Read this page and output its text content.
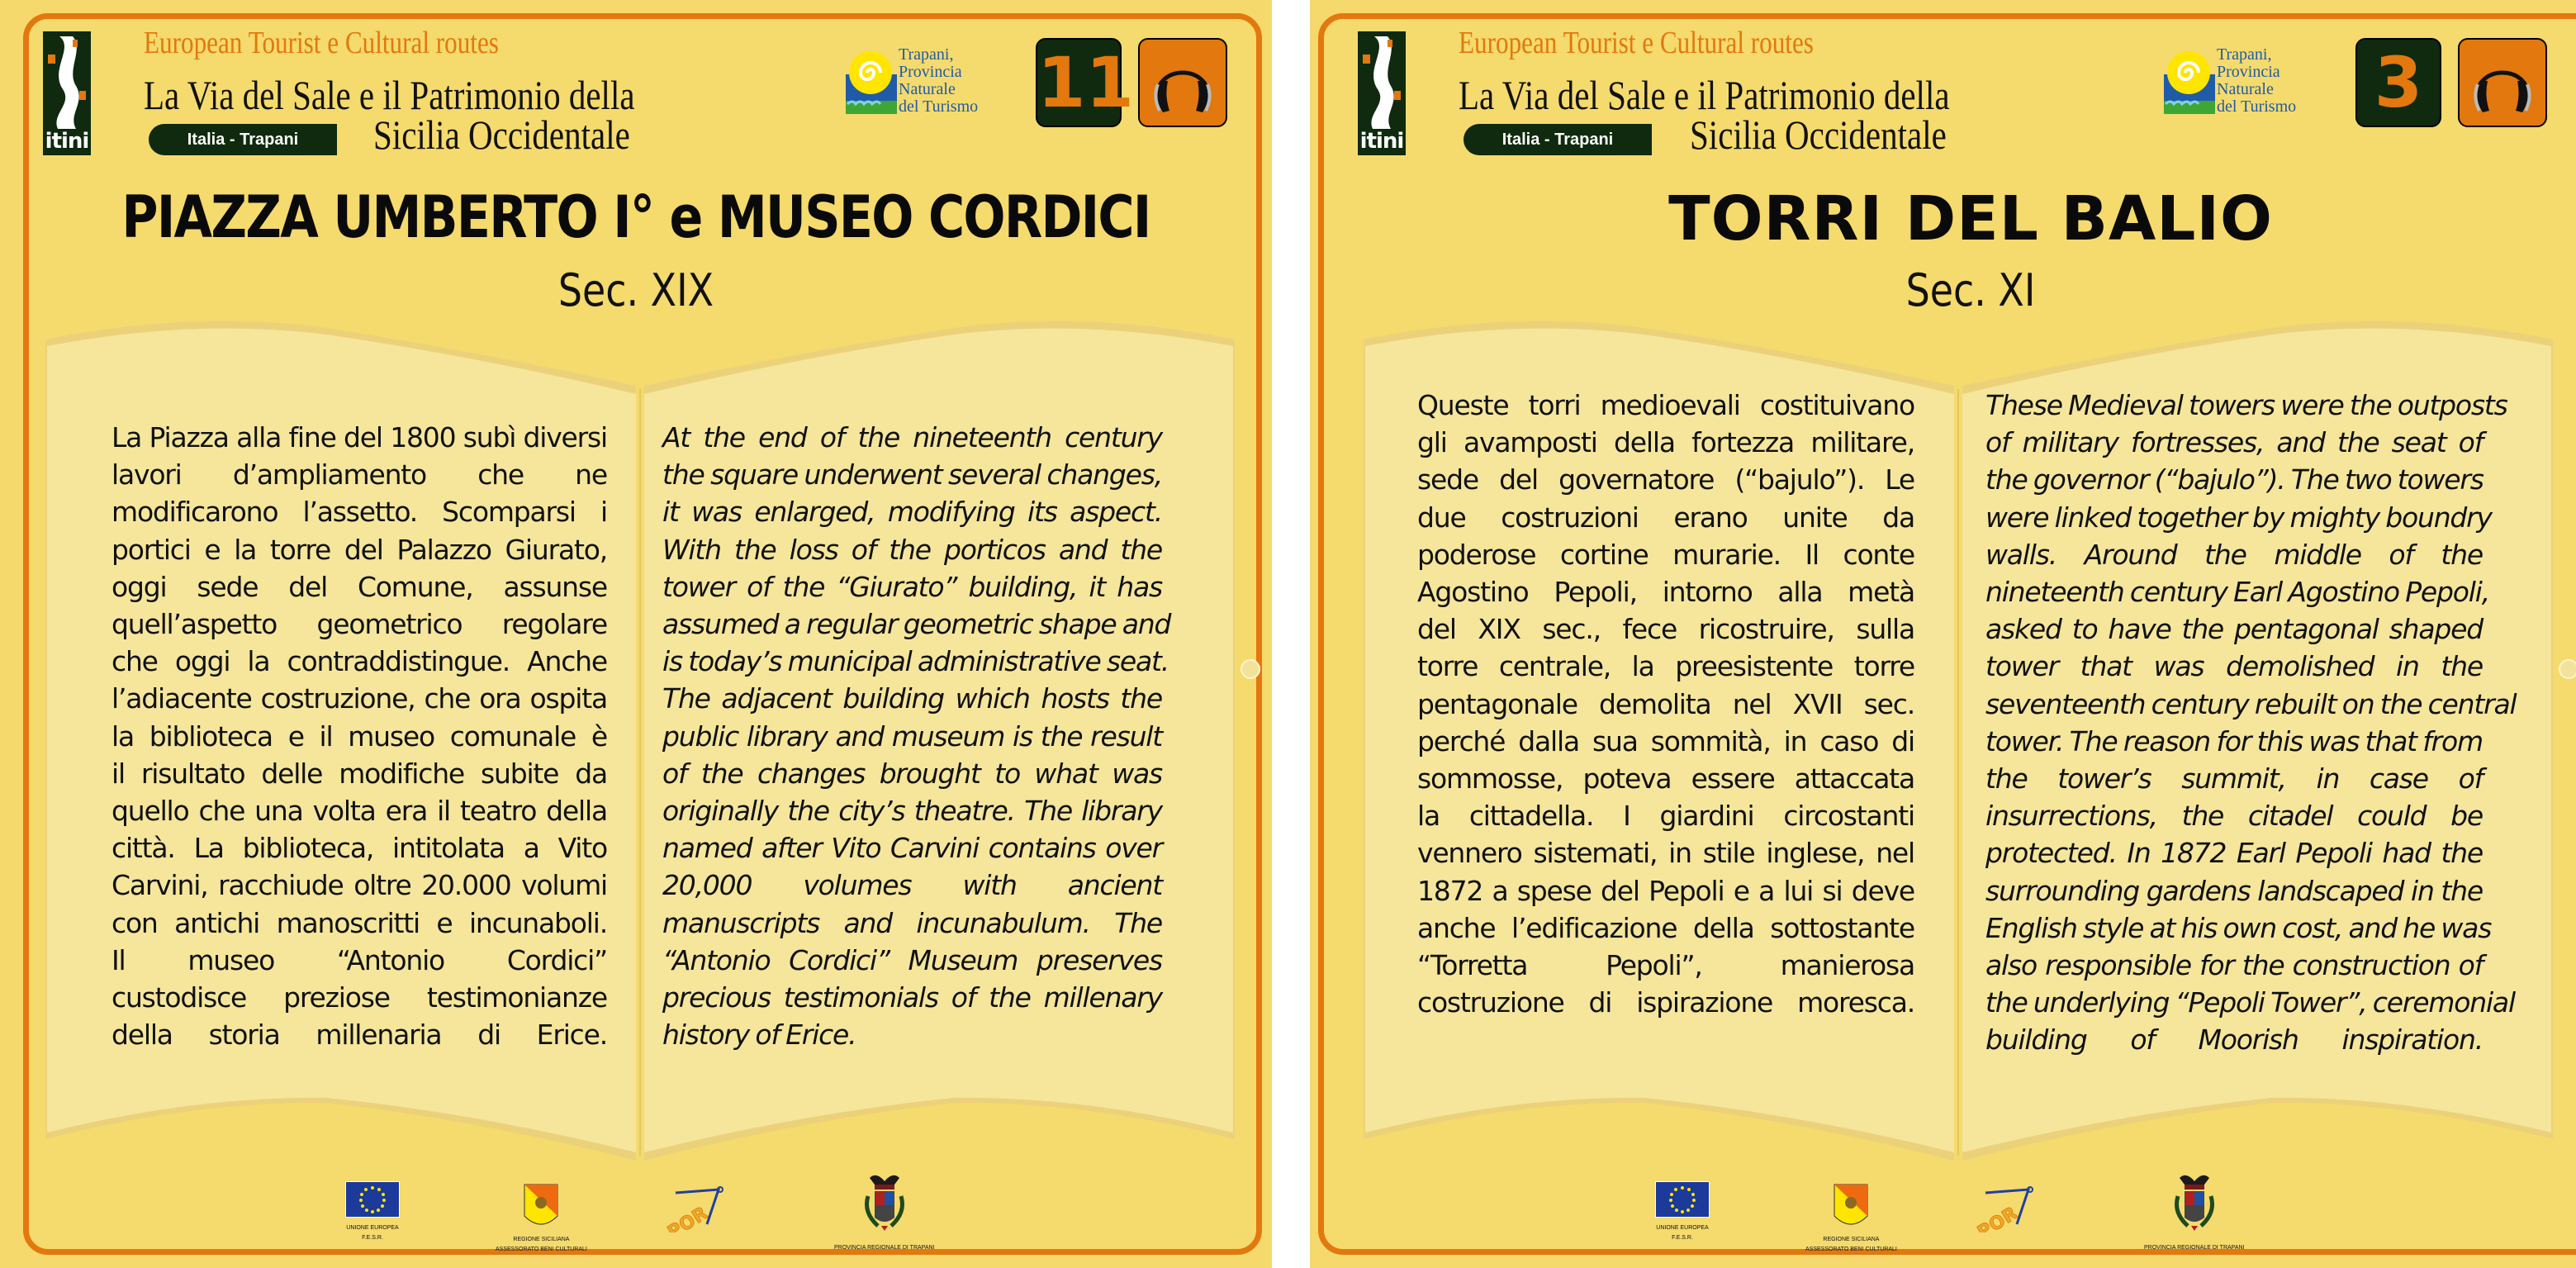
itini
European Tourist e Cultural routes
La Via del Sale e il Patrimonio della
Italia - Trapani	Sicilia Occidentale
Trapani,
Provincia
Naturale
del Turismo 11
PIAZZA UMBERTO I° e MUSEO CORDICI
Sec. XIX
La Piazza alla fine del 1800 subì diversi
lavori d’ampliamento che ne
modificarono l’assetto. Scomparsi i
portici e la torre del Palazzo Giurato,
oggi sede del Comune, assunse
quell’aspetto geometrico regolare
che oggi la contraddistingue. Anche
l’adiacente costruzione, che ora ospita
la biblioteca e il museo comunale è
il risultato delle modifiche subite da
quello che una volta era il teatro della
città. La biblioteca, intitolata a Vito
Carvini, racchiude oltre 20.000 volumi
con antichi manoscritti e incunaboli.
Il museo “Antonio Cordici”
custodisce preziose testimonianze
della storia millenaria di Erice.
At the end of the nineteenth century
the square underwent several changes,
it was enlarged, modifying its aspect.
With the loss of the porticos and the
tower of the “Giurato” building, it has
assumed a regular geometric shape and
is today’s municipal administrative seat.
The adjacent building which hosts the
public library and museum is the result
of the changes brought to what was
originally the city’s theatre. The library
named after Vito Carvini contains over
20,000 volumes with ancient
manuscripts and incunabulum. The
“Antonio Cordici” Museum preserves
precious testimonials of the millenary
history of Erice.
UNIONE EUROPEA
F.E.S.R.	REGIONE SICILIANA
ASSESSORATO BENI CULTURALI
POR
PROVINCIA REGIONALE DI TRAPANI
itini
European Tourist e Cultural routes
La Via del Sale e il Patrimonio della
Italia - Trapani	Sicilia Occidentale
Trapani,
Provincia
Naturale
del Turismo 3
TORRI DEL BALIO
Sec. XI
Queste torri medioevali costituivano
gli avamposti della fortezza militare,
sede del governatore (“bajulo”). Le
due costruzioni erano unite da
poderose cortine murarie. Il conte
Agostino Pepoli, intorno alla metà
del XIX sec., fece ricostruire, sulla
torre centrale, la preesistente torre
pentagonale demolita nel XVII sec.
perché dalla sua sommità, in caso di
sommosse, poteva essere attaccata
la cittadella. I giardini circostanti
vennero sistemati, in stile inglese, nel
1872 a spese del Pepoli e a lui si deve
anche l’edificazione della sottostante
“Torretta Pepoli”, manierosa
costruzione di ispirazione moresca.
These Medieval towers were the outposts
of military fortresses, and the seat of
the governor (“bajulo”). The two towers
were linked together by mighty boundry
walls. Around the middle of the
nineteenth century Earl Agostino Pepoli,
asked to have the pentagonal shaped
tower that was demolished in the
seventeenth century rebuilt on the central
tower. The reason for this was that from
the tower’s summit, in case of
insurrections, the citadel could be
protected. In 1872 Earl Pepoli had the
surrounding gardens landscaped in the
English style at his own cost, and he was
also responsible for the construction of
the underlying “Pepoli Tower”, ceremonial
building of Moorish inspiration.
UNIONE EUROPEA
F.E.S.R.	REGIONE SICILIANA
ASSESSORATO BENI CULTURALI
POR
PROVINCIA REGIONALE DI TRAPANI
